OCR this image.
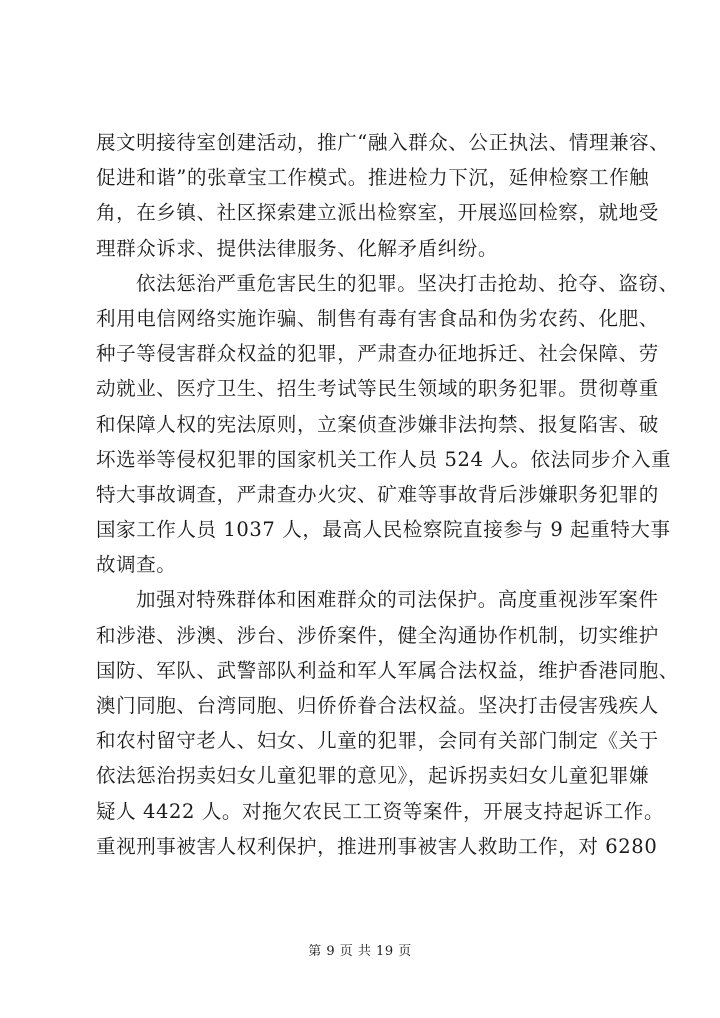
展文明接待室创建活动，推广“融入群众、公正执法、情理兼容、
促进和谐”的张章宝工作模式。推进检力下沉，延伸检察工作触
角，在乡镇、社区探索建立派出检察室，开展巡回检察，就地受
理群众诉求、提供法律服务、化解矛盾纠纷。
依法惩治严重危害民生的犯罪。坚决打击抢劫、抢夺、盗窃、
利用电信网络实施诈骗、制售有毒有害食品和伪劣农药、化肥、
种子等侵害群众权益的犯罪，严肃查办征地拆迁、社会保障、劳
动就业、医疗卫生、招生考试等民生领域的职务犯罪。贯彻尊重
和保障人权的宪法原则，立案侦查涉嫌非法拘禁、报复陷害、破
坏选举等侵权犯罪的国家机关工作人员 524 人。依法同步介入重
特大事故调查，严肃查办火灾、矿难等事故背后涉嫌职务犯罪的
国家工作人员 1037 人，最高人民检察院直接参与 9 起重特大事
故调查。
加强对特殊群体和困难群众的司法保护。高度重视涉军案件
和涉港、涉澳、涉台、涉侨案件，健全沟通协作机制，切实维护
国防、军队、武警部队利益和军人军属合法权益，维护香港同胞、
澳门同胞、台湾同胞、归侨侨眷合法权益。坚决打击侵害残疾人
和农村留守老人、妇女、儿童的犯罪，会同有关部门制定《关于
依法惩治拐卖妇女儿童犯罪的意见》，起诉拐卖妇女儿童犯罪嫌
疑人 4422 人。对拖欠农民工工资等案件，开展支持起诉工作。
重视刑事被害人权利保护，推进刑事被害人救助工作，对 6280
第 9 页 共 19 页
